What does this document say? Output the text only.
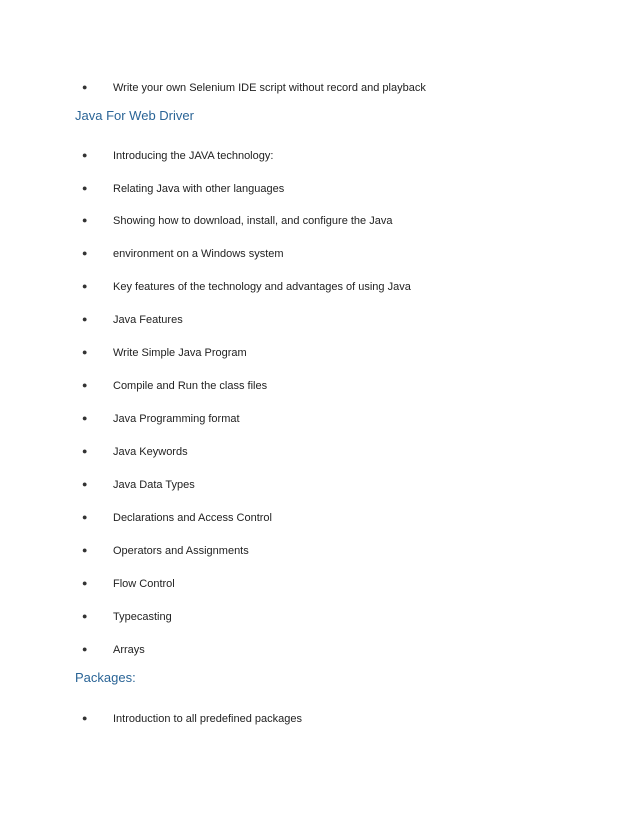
● Write your own Selenium IDE script without record and playback
Java For Web Driver
● Introducing the JAVA technology:
● Relating Java with other languages
● Showing how to download, install, and configure the Java
● environment on a Windows system
● Key features of the technology and advantages of using Java
● Java Features
● Write Simple Java Program
● Compile and Run the class files
● Java Programming format
● Java Keywords
● Java Data Types
● Declarations and Access Control
● Operators and Assignments
● Flow Control
● Typecasting
● Arrays
Packages:
● Introduction to all predefined packages
